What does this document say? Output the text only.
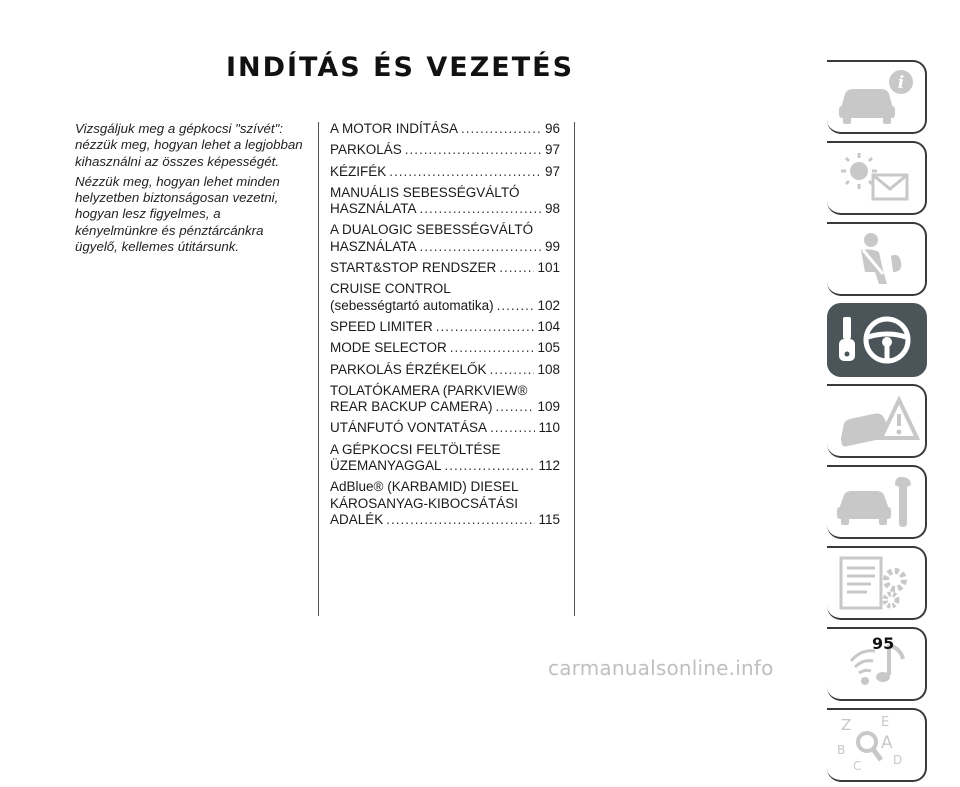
INDÍTÁS ÉS VEZETÉS

Vizsgáljuk meg a gépkocsi "szívét": nézzük meg, hogyan lehet a legjobban kihasználni az összes képességét.

Nézzük meg, hogyan lehet minden helyzetben biztonságosan vezetni, hogyan lesz figyelmes, a kényelmünkre és pénztárcánkra ügyelő, kellemes útitársunk.

A MOTOR INDÍTÁSA .....	96
PARKOLÁS .....	97
KÉZIFÉK .....	97
MANUÁLIS SEBESSÉGVÁLTÓ
HASZNÁLATA .....	98
A DUALOGIC SEBESSÉGVÁLTÓ
HASZNÁLATA .....	99
START&STOP RENDSZER .....	101
CRUISE CONTROL
(sebességtartó automatika) .....	102
SPEED LIMITER .....	104
MODE SELECTOR .....	105
PARKOLÁS ÉRZÉKELŐK .....	108
TOLATÓKAMERA (PARKVIEW®
REAR BACKUP CAMERA) .....	109
UTÁNFUTÓ VONTATÁSA .....	110
A GÉPKOCSI FELTÖLTÉSE
ÜZEMANYAGGAL .....	112
AdBlue® (KARBAMID) DIESEL
KÁROSANYAG-KIBOCSÁTÁSI
ADALÉK .....	115
i
Z E
B A
C	D
95
carmanualsonline.info
